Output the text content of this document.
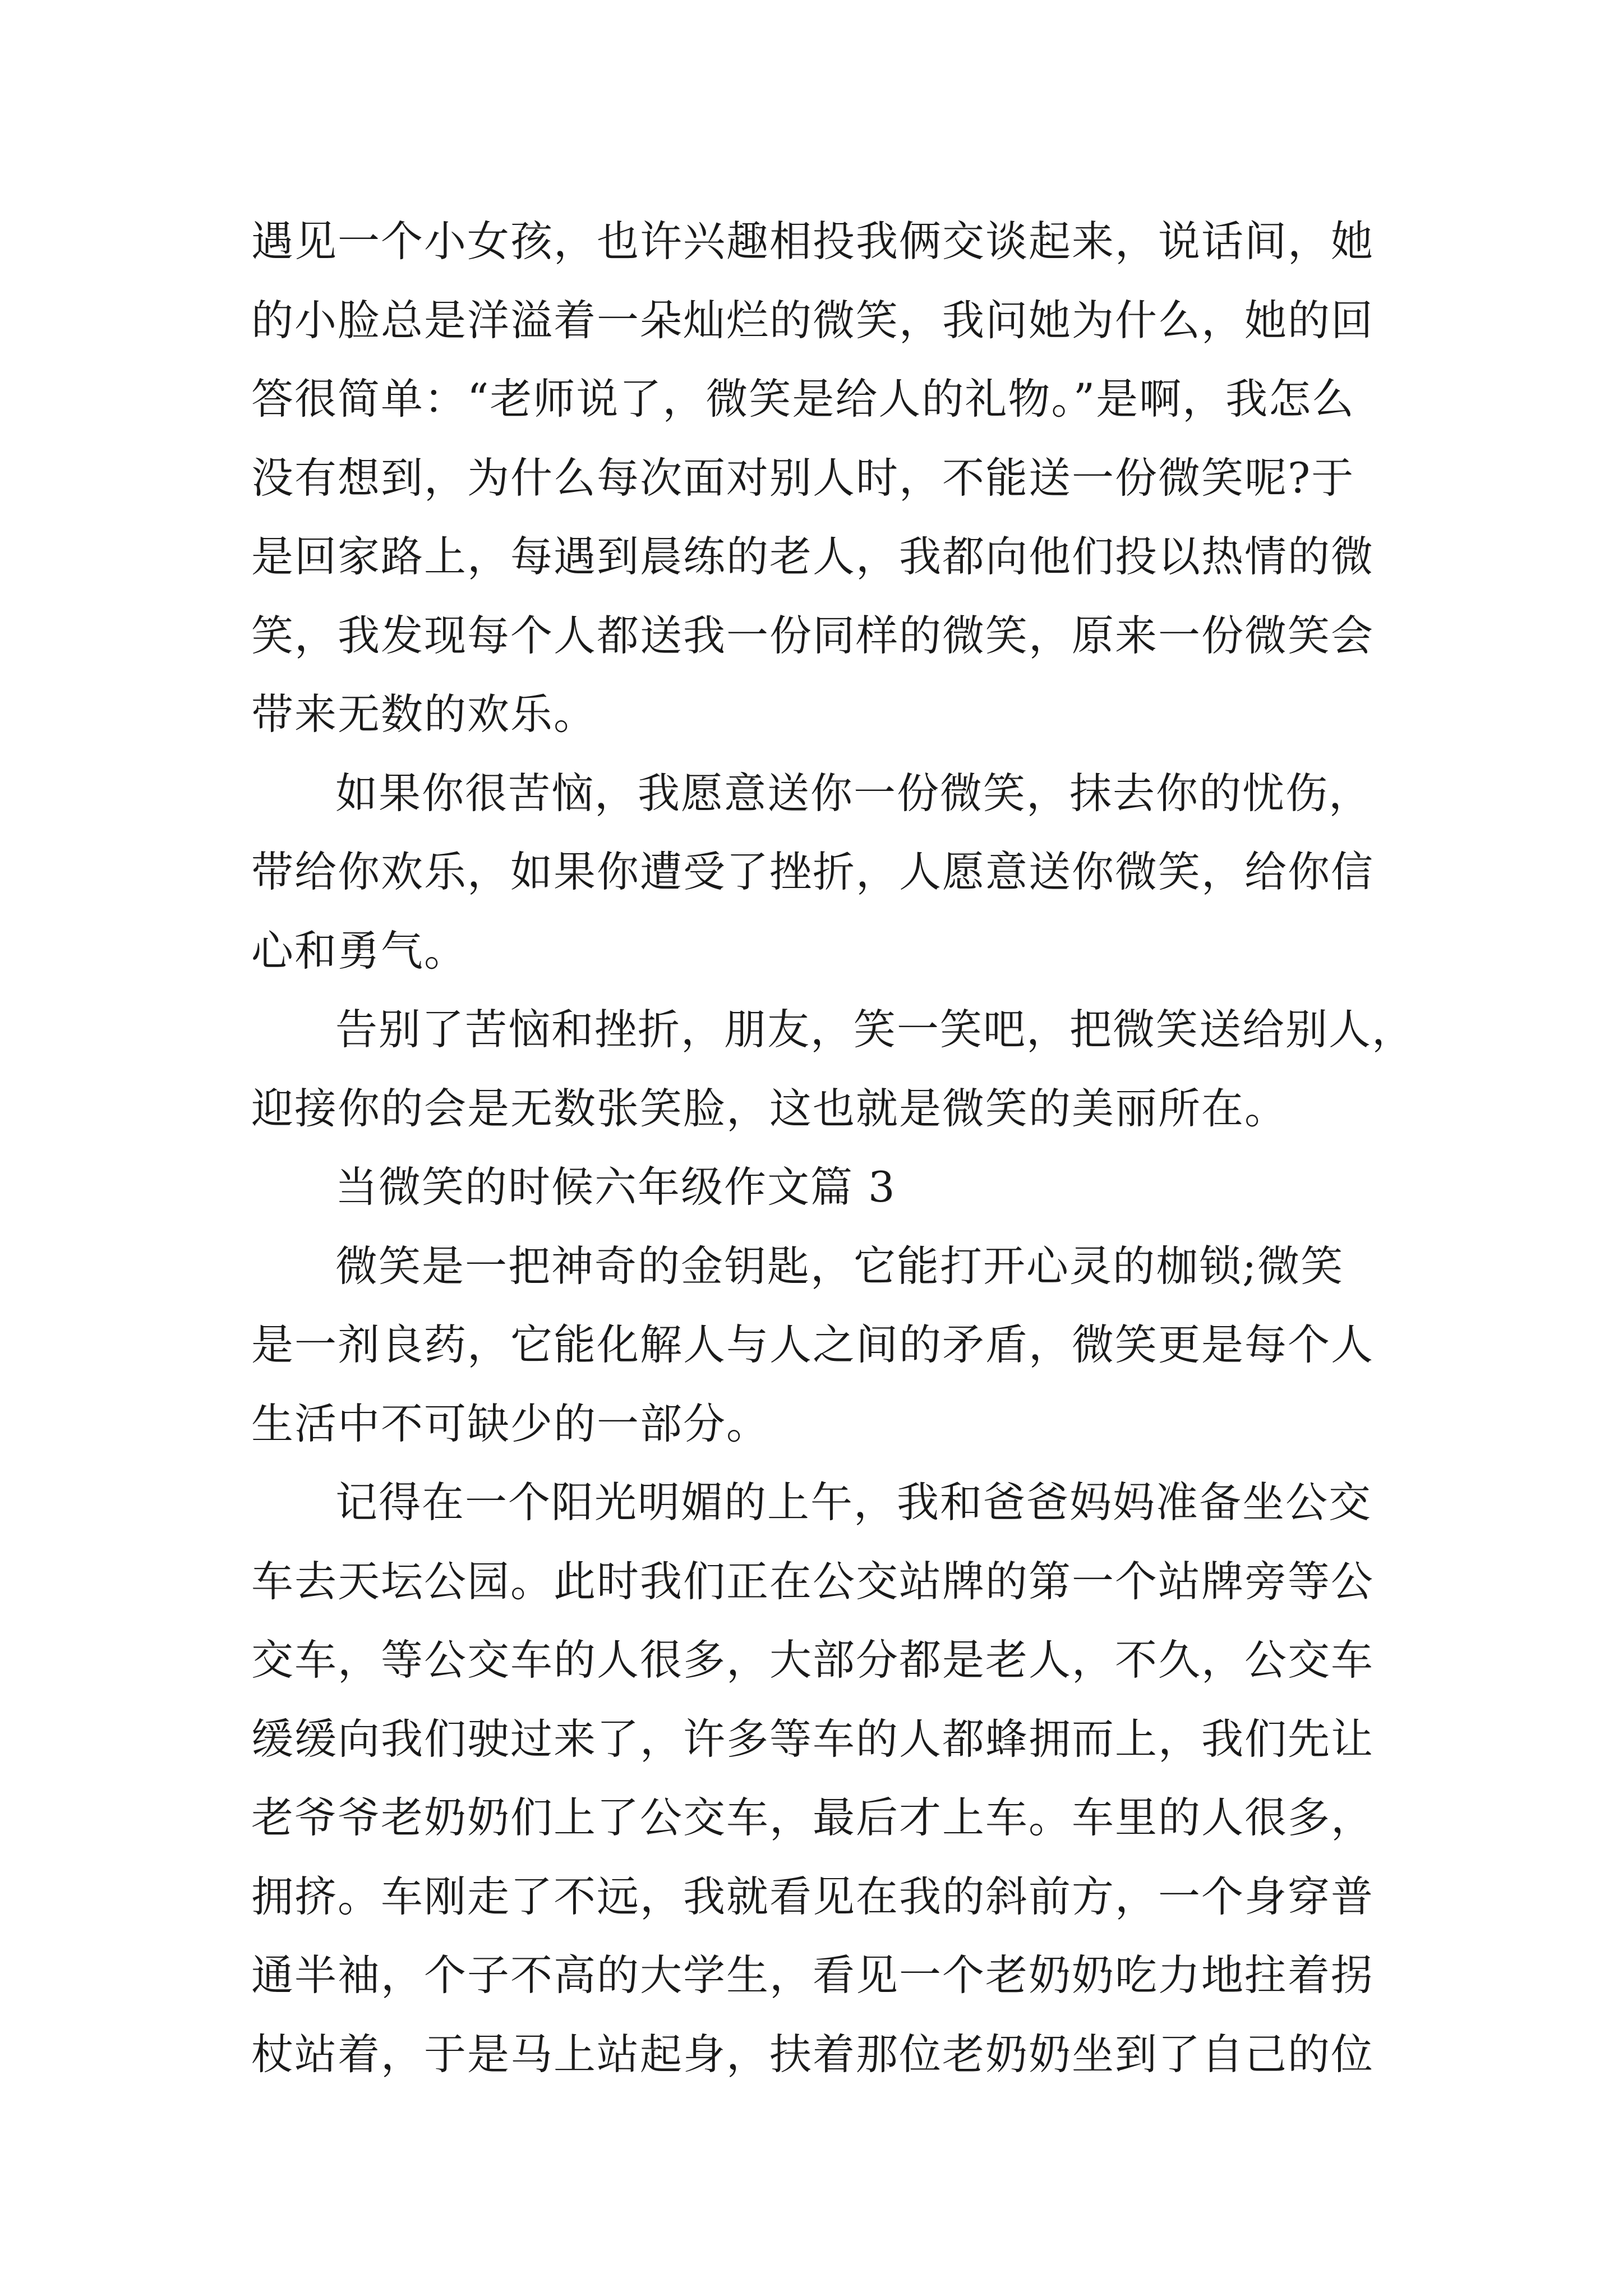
遇见一个小女孩，也许兴趣相投我俩交谈起来，说话间，她
的小脸总是洋溢着一朵灿烂的微笑，我问她为什么，她的回
答很简单：“老师说了，微笑是给人的礼物。”是啊，我怎么
没有想到，为什么每次面对别人时，不能送一份微笑呢?于
是回家路上，每遇到晨练的老人，我都向他们投以热情的微
笑，我发现每个人都送我一份同样的微笑，原来一份微笑会
带来无数的欢乐。
如果你很苦恼，我愿意送你一份微笑，抹去你的忧伤，
带给你欢乐，如果你遭受了挫折，人愿意送你微笑，给你信
心和勇气。
告别了苦恼和挫折，朋友，笑一笑吧，把微笑送给别人，
迎接你的会是无数张笑脸，这也就是微笑的美丽所在。
当微笑的时候六年级作文篇 3
微笑是一把神奇的金钥匙，它能打开心灵的枷锁;微笑
是一剂良药，它能化解人与人之间的矛盾，微笑更是每个人
生活中不可缺少的一部分。
记得在一个阳光明媚的上午，我和爸爸妈妈准备坐公交
车去天坛公园。此时我们正在公交站牌的第一个站牌旁等公
交车，等公交车的人很多，大部分都是老人，不久，公交车
缓缓向我们驶过来了，许多等车的人都蜂拥而上，我们先让
老爷爷老奶奶们上了公交车，最后才上车。车里的人很多，
拥挤。车刚走了不远，我就看见在我的斜前方，一个身穿普
通半袖，个子不高的大学生，看见一个老奶奶吃力地拄着拐
杖站着，于是马上站起身，扶着那位老奶奶坐到了自己的位
